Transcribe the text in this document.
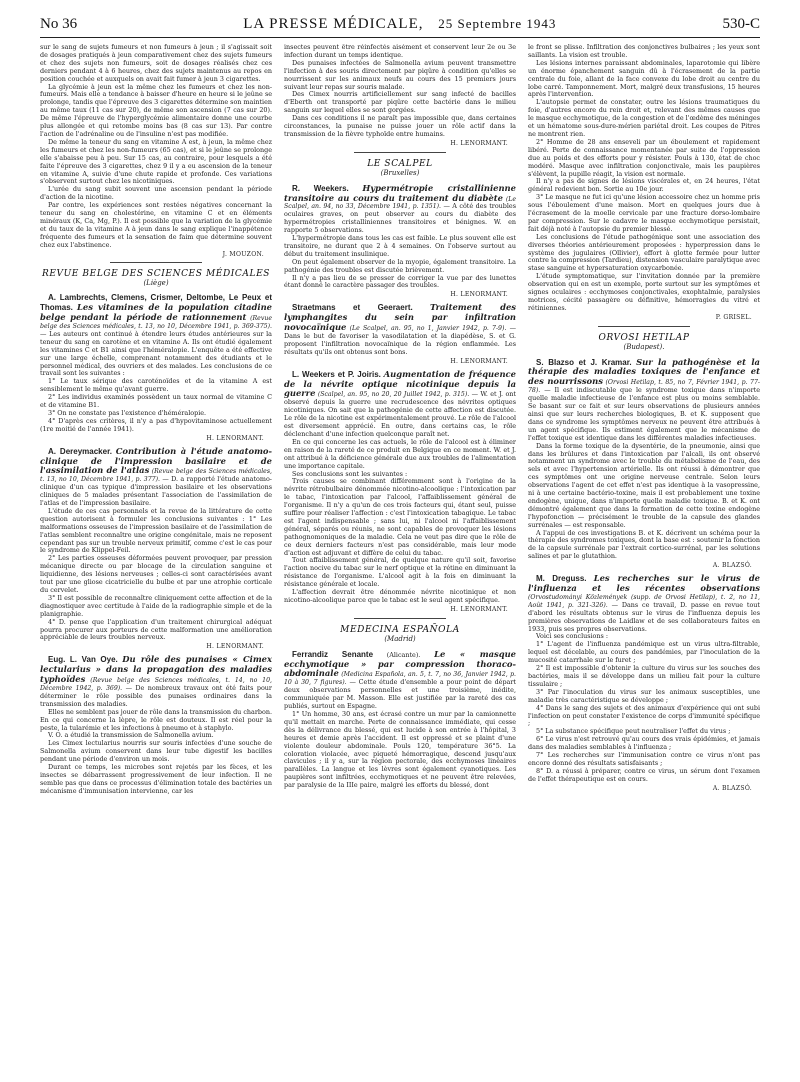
No 36	LA PRESSE MÉDICALE, 25 Septembre 1943	530-C

sur le sang de sujets fumeurs et non fumeurs à jeun ; il s'agissait soit de dosages pratiqués à jeun comparativement chez des sujets fumeurs et chez des sujets non fumeurs, soit de dosages réalisés chez ces derniers pendant 4 à 6 heures, chez des sujets maintenus au repos en position couchée et auxquels on avait fait fumer à jeun 3 cigarettes.

La glycémie à jeun est la même chez les fumeurs et chez les non-fumeurs. Mais elle a tendance à baisser d'heure en heure si le jeûne se prolonge, tandis que l'épreuve des 3 cigarettes détermine son maintien au même taux (11 cas sur 20), de même son ascension (7 cas sur 20). De même l'épreuve de l'hyperglycémie alimentaire donne une courbe plus allongée et qui retombe moins bas (8 cas sur 13). Par contre l'action de l'adrénaline ou de l'insuline n'est pas modifiée.

De même la teneur du sang en vitamine A est, à jeun, la même chez les fumeurs et chez les non-fumeurs (65 cas), et si le jeûne se prolonge elle s'abaisse peu à peu. Sur 15 cas, au contraire, pour lesquels a été faite l'épreuve des 3 cigarettes, chez 9 il y a eu ascension de la teneur en vitamine A, suivie d'une chute rapide et profonde. Ces variations s'observent surtout chez les nicotiniques.

L'urée du sang subit souvent une ascension pendant la période d'action de la nicotine.

Par contre, les expériences sont restées négatives concernant la teneur du sang en cholestérine, en vitamine C et en éléments minéraux (K, Ca, Mg, P.). Il est possible que la variation de la glycémie et du taux de la vitamine A à jeun dans le sang explique l'inappétence fréquente des fumeurs et la sensation de faim que détermine souvent chez eux l'abstinence.

J. MOUZON.
REVUE BELGE DES SCIENCES MÉDICALES
(Liège)

A. Lambrechts, Clemens, Crismer, Deltombe, Le Peux et Thomas. Les vitamines de la population citadine belge pendant la période de rationnement (Revue belge des Sciences médicales, t. 13, no 10, Décembre 1941, p. 369-375). — Les auteurs ont continué à étendre leurs études antérieures sur la teneur du sang en carotène et en vitamine A. Ils ont étudié également les vitamines C et B1 ainsi que l'héméralopie. L'enquête a été effective sur une large échelle, comprenant notamment des étudiants et le personnel médical, des ouvriers et des malades. Les conclusions de ce travail sont les suivantes :

1° Le taux sérique des caroténoïdes et de la vitamine A est sensiblement le même qu'avant guerre.

2° Les individus examinés possèdent un taux normal de vitamine C et de vitamine B1.

3° On ne constate pas l'existence d'héméralopie.

4° D'après ces critères, il n'y a pas d'hypovitaminose actuellement (1re moitié de l'année 1941).

H. LENORMANT.

A. Dereymacker. Contribution à l'étude anatomo-clinique de l'impression basilaire et de l'assimilation de l'atlas (Revue belge des Sciences médicales, t. 13, no 10, Décembre 1941, p. 377). — D. a rapporté l'étude anatomo-clinique d'un cas typique d'impression basilaire et les observations cliniques de 5 malades présentant l'association de l'assimilation de l'atlas et de l'impression basilaire.

L'étude de ces cas personnels et la revue de la littérature de cette question autorisent à formuler les conclusions suivantes : 1° Les malformations osseuses de l'impression basilaire et de l'assimilation de l'atlas semblent reconnaître une origine congénitale, mais ne reposent cependant pas sur un trouble nerveux primitif, comme c'est le cas pour le syndrome de Klippel-Feil.

2° Les parties osseuses déformées peuvent provoquer, par pression mécanique directe ou par blocage de la circulation sanguine et liquidienne, des lésions nerveuses ; celles-ci sont caractérisées avant tout par une gliose cicatricielle du bulbe et par une atrophie corticale du cervelet.

3° Il est possible de reconnaître cliniquement cette affection et de la diagnostiquer avec certitude à l'aide de la radiographie simple et de la planigraphie.

4° D. pense que l'application d'un traitement chirurgical adéquat pourra procurer aux porteurs de cette malformation une amélioration appréciable de leurs troubles nerveux.

H. LENORMANT.

Eug. L. Van Oye. Du rôle des punaises « Cimex lectularius » dans la propagation des maladies typhoïdes (Revue belge des Sciences médicales, t. 14, no 10, Décembre 1942, p. 369). — De nombreux travaux ont été faits pour déterminer le rôle possible des punaises ordinaires dans la transmission des maladies.

Elles ne semblent pas jouer de rôle dans la transmission du charbon. En ce qui concerne la lèpre, le rôle est douteux. Il est réel pour la peste, la tularémie et les infections à pneumo et à staphylo.

V. O. a étudié la transmission de Salmonella avium.

Les Cimex lectularius nourris sur souris infectées d'une souche de Salmonella avium conservent dans leur tube digestif les bacilles pendant une période d'environ un mois.

Durant ce temps, les microbes sont rejetés par les fèces, et les insectes se débarrassent progressivement de leur infection. Il ne semble pas que dans ce processus d'élimination totale des bactéries un mécanisme d'immunisation intervienne, car les

insectes peuvent être réinfectés aisément et conservent leur 2e ou 3e infection durant un temps identique.

Des punaises infectées de Salmonella avium peuvent transmettre l'infection à des souris directement par piqûre à condition qu'elles se nourrissent sur les animaux neufs au cours des 15 premiers jours suivant leur repas sur souris malade.

Des Cimex nourris artificiellement sur sang infecté de bacilles d'Eberth ont transporté par piqûre cette bactérie dans le milieu sanguin sur lequel elles se sont gorgées.

Dans ces conditions il ne paraît pas impossible que, dans certaines circonstances, la punaise ne puisse jouer un rôle actif dans la transmission de la fièvre typhoïde entre humains.

H. LENORMANT.
LE SCALPEL
(Bruxelles)

R. Weekers. Hypermétropie cristallinienne transitoire au cours du traitement du diabète (Le Scalpel, an. 94, no 33, Décembre 1941, p. 1351). — A côté des troubles oculaires graves, on peut observer au cours du diabète des hypermétropies cristalliniennes transitoires et bénignes. W. en rapporte 5 observations.

L'hypermétropie dans tous les cas est faible. Le plus souvent elle est transitoire, ne durant que 2 à 4 semaines. On l'observe surtout au début du traitement insulinique.

On peut également observer de la myopie, également transitoire. La pathogénie des troubles est discutée brièvement.

Il n'y a pas lieu de se presser de corriger la vue par des lunettes étant donné le caractère passager des troubles.

H. LENORMANT.

Straetmans et Geeraert. Traitement des lymphangites du sein par infiltration novocaïnique (Le Scalpel, an. 95, no 1, Janvier 1942, p. 7-9). — Dans le but de favoriser la vasodilatation et la diapédèse, S. et G. proposent l'infiltration novocaïnique de la région enflammée. Les résultats qu'ils ont obtenus sont bons.

H. LENORMANT.

L. Weekers et P. Joiris. Augmentation de fréquence de la névrite optique nicotinique depuis la guerre (Scalpel, an. 95, no 20, 20 Juillet 1942, p. 315). — W. et J. ont observé depuis la guerre une recrudescence des névrites optiques nicotiniques. On sait que la pathogénie de cette affection est discutée. Le rôle de la nicotine est expérimentalement prouvé. Le rôle de l'alcool est diversement apprécié. En outre, dans certains cas, le rôle déclenchant d'une infection quelconque paraît net.

En ce qui concerne les cas actuels, le rôle de l'alcool est à éliminer en raison de la rareté de ce produit en Belgique en ce moment. W. et J. ont attribué à la déficience générale due aux troubles de l'alimentation une importance capitale.

Ses conclusions sont les suivantes :

Trois causes se combinant différemment sont à l'origine de la névrite rétrobulbaire dénommée nicotino-alcoolique : l'intoxication par le tabac, l'intoxication par l'alcool, l'affaiblissement général de l'organisme. Il n'y a qu'un de ces trois facteurs qui, étant seul, puisse suffire pour réaliser l'affection : c'est l'intoxication tabagique. Le tabac est l'agent indispensable ; sans lui, ni l'alcool ni l'affaiblissement général, séparés ou réunis, ne sont capables de provoquer les lésions pathognomoniques de la maladie. Cela ne veut pas dire que le rôle de ce deux derniers facteurs n'est pas considérable, mais leur mode d'action est adjuvant et diffère de celui du tabac.

Tout affaiblissement général, de quelque nature qu'il soit, favorise l'action nocive du tabac sur le nerf optique et la rétine en diminuant la résistance de l'organisme. L'alcool agit à la fois en diminuant la résistance générale et locale.

L'affection devrait être dénommée névrite nicotinique et non nicotino-alcoolique parce que le tabac est le seul agent spécifique.

H. LENORMANT.
MEDECINA ESPAÑOLA
(Madrid)

Ferrandiz Senante (Alicante). Le « masque ecchymotique » par compression thoraco-abdominale (Medicina Española, an. 5, t. 7, no 36, Janvier 1942, p. 10 à 30, 7 figures). — Cette étude d'ensemble a pour point de départ deux observations personnelles et une troisième, inédite, communiquée par M. Masson. Elle est justifiée par la rareté des cas publiés, surtout en Espagne.

1° Un homme, 30 ans, est écrasé contre un mur par la camionnette qu'il mettait en marche. Perte de connaissance immédiate, qui cesse dès la délivrance du blessé, qui est lucide à son entrée à l'hôpital, 3 heures et demie après l'accident. Il est oppressé et se plaint d'une violente douleur abdominale. Pouls 120, température 36°5. La coloration violacée, avec piqueté hémorragique, descend jusqu'aux clavicules ; il y a, sur la région pectorale, des ecchymoses linéaires parallèles. La langue et les lèvres sont également cyanotiques. Les paupières sont infiltrées, ecchymotiques et ne peuvent être relevées, par paralysie de la IIIe paire, malgré les efforts du blessé, dont

le front se plisse. Infiltration des conjonctives bulbaires ; les yeux sont saillants. La vision est trouble.

Les lésions internes paraissant abdominales, laparotomie qui libère un énorme épanchement sanguin dû à l'écrasement de la partie centrale du foie, allant de la face convexe du lobe droit au centre du lobe carré. Tamponnement. Mort, malgré deux transfusions, 15 heures après l'intervention.

L'autopsie permet de constater, outre les lésions traumatiques du foie, d'autres encore du rein droit et, relevant des mêmes causes que le masque ecchymotique, de la congestion et de l'œdème des méninges et un hématome sous-dure-mérien pariétal droit. Les coupes de Pitres ne montrent rien.

2° Homme de 28 ans enseveli par un éboulement et rapidement libéré. Perte de connaissance momentanée par suite de l'oppression due au poids et des efforts pour y résister. Pouls à 130, état de choc modéré. Masque avec infiltration conjonctivale, mais les paupières s'élèvent, la pupille réagit, la vision est normale.

Il n'y a pas de signes de lésions viscérales et, en 24 heures, l'état général redevient bon. Sortie au 10e jour.

3° Le masque ne fut ici qu'une lésion accessoire chez un homme pris sous l'éboulement d'une maison. Mort en quelques jours due à l'écrasement de la moelle cervicale par une fracture dorso-lombaire par compression. Sur le cadavre le masque ecchymotique persistait, fait déjà noté à l'autopsie du premier blessé.

Les conclusions de l'étude pathogénique sont une association des diverses théories antérieurement proposées : hyperpression dans le système des jugulaires (Ollivier), effort à glotte fermée pour lutter contre la compression (Tardieu), distension vasculaire paralytique avec stase sanguine et hypersaturation oxycarbonée.

L'étude symptomatique, sur l'invitation donnée par la première observation qui en est un exemple, porte surtout sur les symptômes et signes oculaires : ecchymoses conjonctivales, exophtalmie, paralysies motrices, cécité passagère ou définitive, hémorragies du vitré et rétiniennes.

P. GRISEL.
ORVOSI HETILAP
(Budapest).

S. Blazso et J. Kramar. Sur la pathogénèse et la thérapie des maladies toxiques de l'enfance et des nourrissons (Orvosi Hetilap, t. 85, no 7, Février 1941, p. 77-78). — Il est indiscutable que le syndrome toxique dans n'importe quelle maladie infectieuse de l'enfance est plus ou moins semblable. Se basant sur ce fait et sur leurs observations de plusieurs années ainsi que sur leurs recherches biologiques, B. et K. supposent que dans ce syndrome les symptômes nerveux ne peuvent être attribués à un agent spécifique. Ils estiment également que le mécanisme de l'effet toxique est identique dans les différentes maladies infectieuses.

Dans la forme toxique de la dysentérie, de la pneumonie, ainsi que dans les brûlures et dans l'intoxication par l'alcali, ils ont observé notamment un syndrome avec le trouble du métabolisme de l'eau, des sels et avec l'hypertension artérielle. Ils ont réussi à démontrer que ces symptômes ont une origine nerveuse centrale. Selon leurs observations l'agent de cet effet n'est pas identique à la vasopressine, ni à une certaine bactério-toxine, mais il est probablement une toxine endogène, unique, dans n'importe quelle maladie toxique. B. et K. ont démontré également que dans la formation de cette toxine endogène l'hypofonction — précisément le trouble de la capsule des glandes surrénales — est responsable.

A l'appui de ces investigations B. et K. décrivent un schéma pour la thérapie des syndromes toxiques, dont la base est : soutenir la fonction de la capsule surrénale par l'extrait cortico-surrénal, par les solutions salines et par le glutathion.

A. BLAZSÓ.

M. Dreguss. Les recherches sur le virus de l'influenza et les récentes observations (Orvostudományi Közlemények (supp. de Orvosi Hetilap), t. 2, no 11, Août 1941, p. 321-326). — Dans ce travail, D. passe en revue tout d'abord les résultats obtenus sur le virus de l'influenza depuis les premières observations de Laidlaw et de ses collaborateurs faites en 1933, puis ses propres observations.

Voici ses conclusions :

1° L'agent de l'influenza pandémique est un virus ultra-filtrable, lequel est décelable, au cours des pandémies, par l'inoculation de la mucosité catarrhale sur le furet ;

2° Il est impossible d'obtenir la culture du virus sur les souches des bactéries, mais il se développe dans un milieu fait pour la culture tissulaire ;

3° Par l'inoculation du virus sur les animaux susceptibles, une maladie très caractéristique se développe ;

4° Dans le sang des sujets et des animaux d'expérience qui ont subi l'infection on peut constater l'existence de corps d'immunité spécifique ;

5° La substance spécifique peut neutraliser l'effet du virus ;

6° Le virus n'est retrouvé qu'au cours des vrais épidémies, et jamais dans des maladies semblables à l'influenza ;

7° Les recherches sur l'immunisation contre ce virus n'ont pas encore donné des résultats satisfaisants ;

8° D. a réussi à préparer, contre ce virus, un sérum dont l'examen de l'effet thérapeutique est en cours.

A. BLAZSÓ.
